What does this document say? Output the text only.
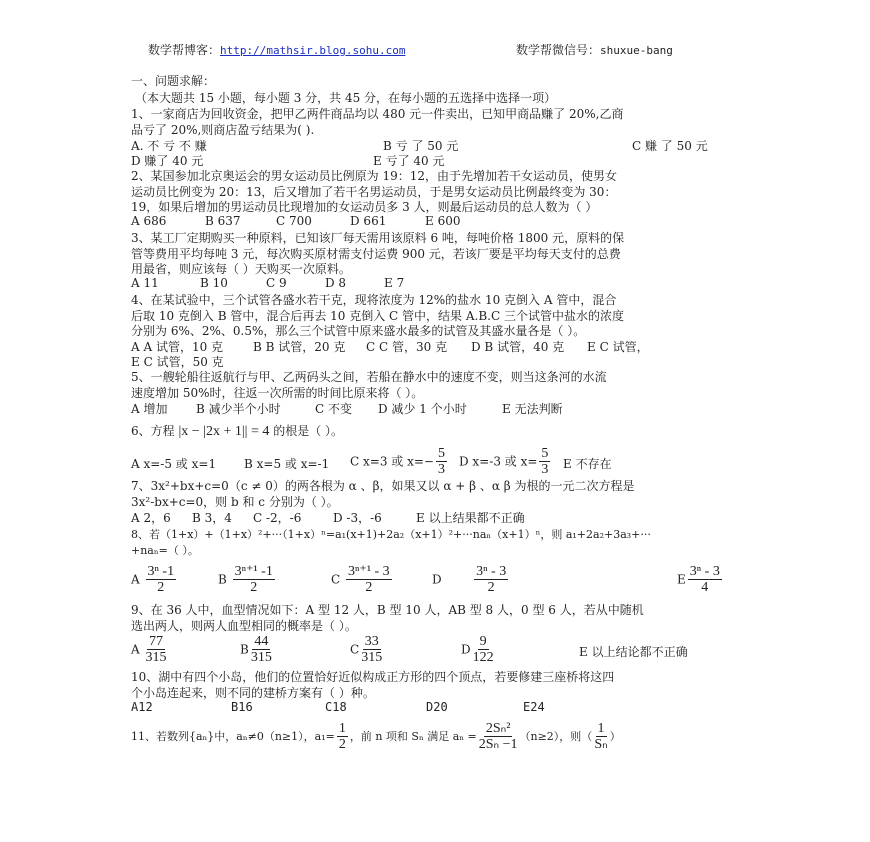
数学帮博客：http://mathsir.blog.sohu.com	数学帮微信号：shuxue-bang
一、问题求解：
（本大题共 15 小题，每小题 3 分，共 45 分，在每小题的五选择中选择一项）
1、一家商店为回收资金，把甲乙两件商品均以 480 元一件卖出，已知甲商品赚了 20%,乙商
品亏了 20%,则商店盈亏结果为( ).
A. 不 亏 不 赚	B 亏 了 50 元	C 赚 了 50 元
D 赚了 40 元	E 亏了 40 元
2、某国参加北京奥运会的男女运动员比例原为 19：12，由于先增加若干女运动员，使男女
运动员比例变为 20：13，后又增加了若干名男运动员，于是男女运动员比例最终变为 30：
19，如果后增加的男运动员比现增加的女运动员多 3 人，则最后运动员的总人数为（ ）
A 686	B 637	C 700	D 661	E 600
3、某工厂定期购买一种原料，已知该厂每天需用该原料 6 吨，每吨价格 1800 元，原料的保
管等费用平均每吨 3 元，每次购买原材需支付运费 900 元，若该厂要是平均每天支付的总费
用最省，则应该每（ ）天购买一次原料。
A 11	B 10	C 9	D 8	E 7
4、在某试验中，三个试管各盛水若干克，现将浓度为 12%的盐水 10 克倒入 A 管中，混合
后取 10 克倒入 B 管中，混合后再去 10 克倒入 C 管中，结果 A.B.C 三个试管中盐水的浓度
分别为 6%、2%、0.5%，那么三个试管中原来盛水最多的试管及其盛水量各是（ ）。
A A 试管，10 克 B B 试管，20 克 C C 管，30 克 D B 试管，40 克 E C 试管，
E C 试管，50 克
5、一艘轮船往返航行与甲、乙两码头之间，若船在静水中的速度不变，则当这条河的水流
速度增加 50%时，往返一次所需的时间比原来将（ ）。
A 增加 B 减少半个小时	C 不变 D 减少 1 个小时	E 无法判断
6、方程 |x − |2x + 1|| = 4 的根是（ ）。
A x=-5 或 x=1 B x=5 或 x=-1 C x=3 或 $x=- \frac{5}{3}$ D x=-3 或 $x= \frac{5}{3}$ E 不存在
7、3x²+bx+c=0（c ≠ 0）的两各根为 α 、β，如果又以 α + β 、α β 为根的一元二次方程是
3x²-bx+c=0，则 b 和 c 分别为（ ）。
A 2，6 B 3，4 C -2，-6	D -3，-6	E 以上结果都不正确
8、若（1+x）+（1+x）²+···（1+x）ⁿ=a₁(x+1)+2a₂（x+1）²+···naₙ（x+1）ⁿ，则 a₁+2a₂+3a₃+···
+naₙ=（ ）。
A $\frac{\text{3ⁿ -1}}{2}$	B $\frac{\text{3ⁿ⁺¹ -1}}{2}$	C $\frac{\text{3ⁿ⁺¹ - 3}}{2}$	D $\frac{\text{3ⁿ - 3}}{2}$	E $\frac{\text{3ⁿ - 3}}{4}$
9、在 36 人中，血型情况如下：A 型 12 人，B 型 10 人，AB 型 8 人，0 型 6 人，若从中随机
选出两人，则两人血型相同的概率是（ ）。
A $\frac{77}{315}$	B $\frac{44}{315}$	C $\frac{33}{315}$	D $\frac{9}{122}$	E 以上结论都不正确
10、湖中有四个小岛，他们的位置恰好近似构成正方形的四个顶点，若要修建三座桥将这四
个小岛连起来，则不同的建桥方案有（ ）种。
A12	B16	C18	D20	E24
11、若数列{aₙ}中，aₙ≠0（n≥1），$a_1= \frac{1}{2}$ ，前 n 项和 Sₙ 满足 $a_n = \frac{\text{2Sₙ²}}{\text{2Sₙ −1}} (n\ge 2)$，则（ $\frac{1}{\text{Sₙ}}$ ）
